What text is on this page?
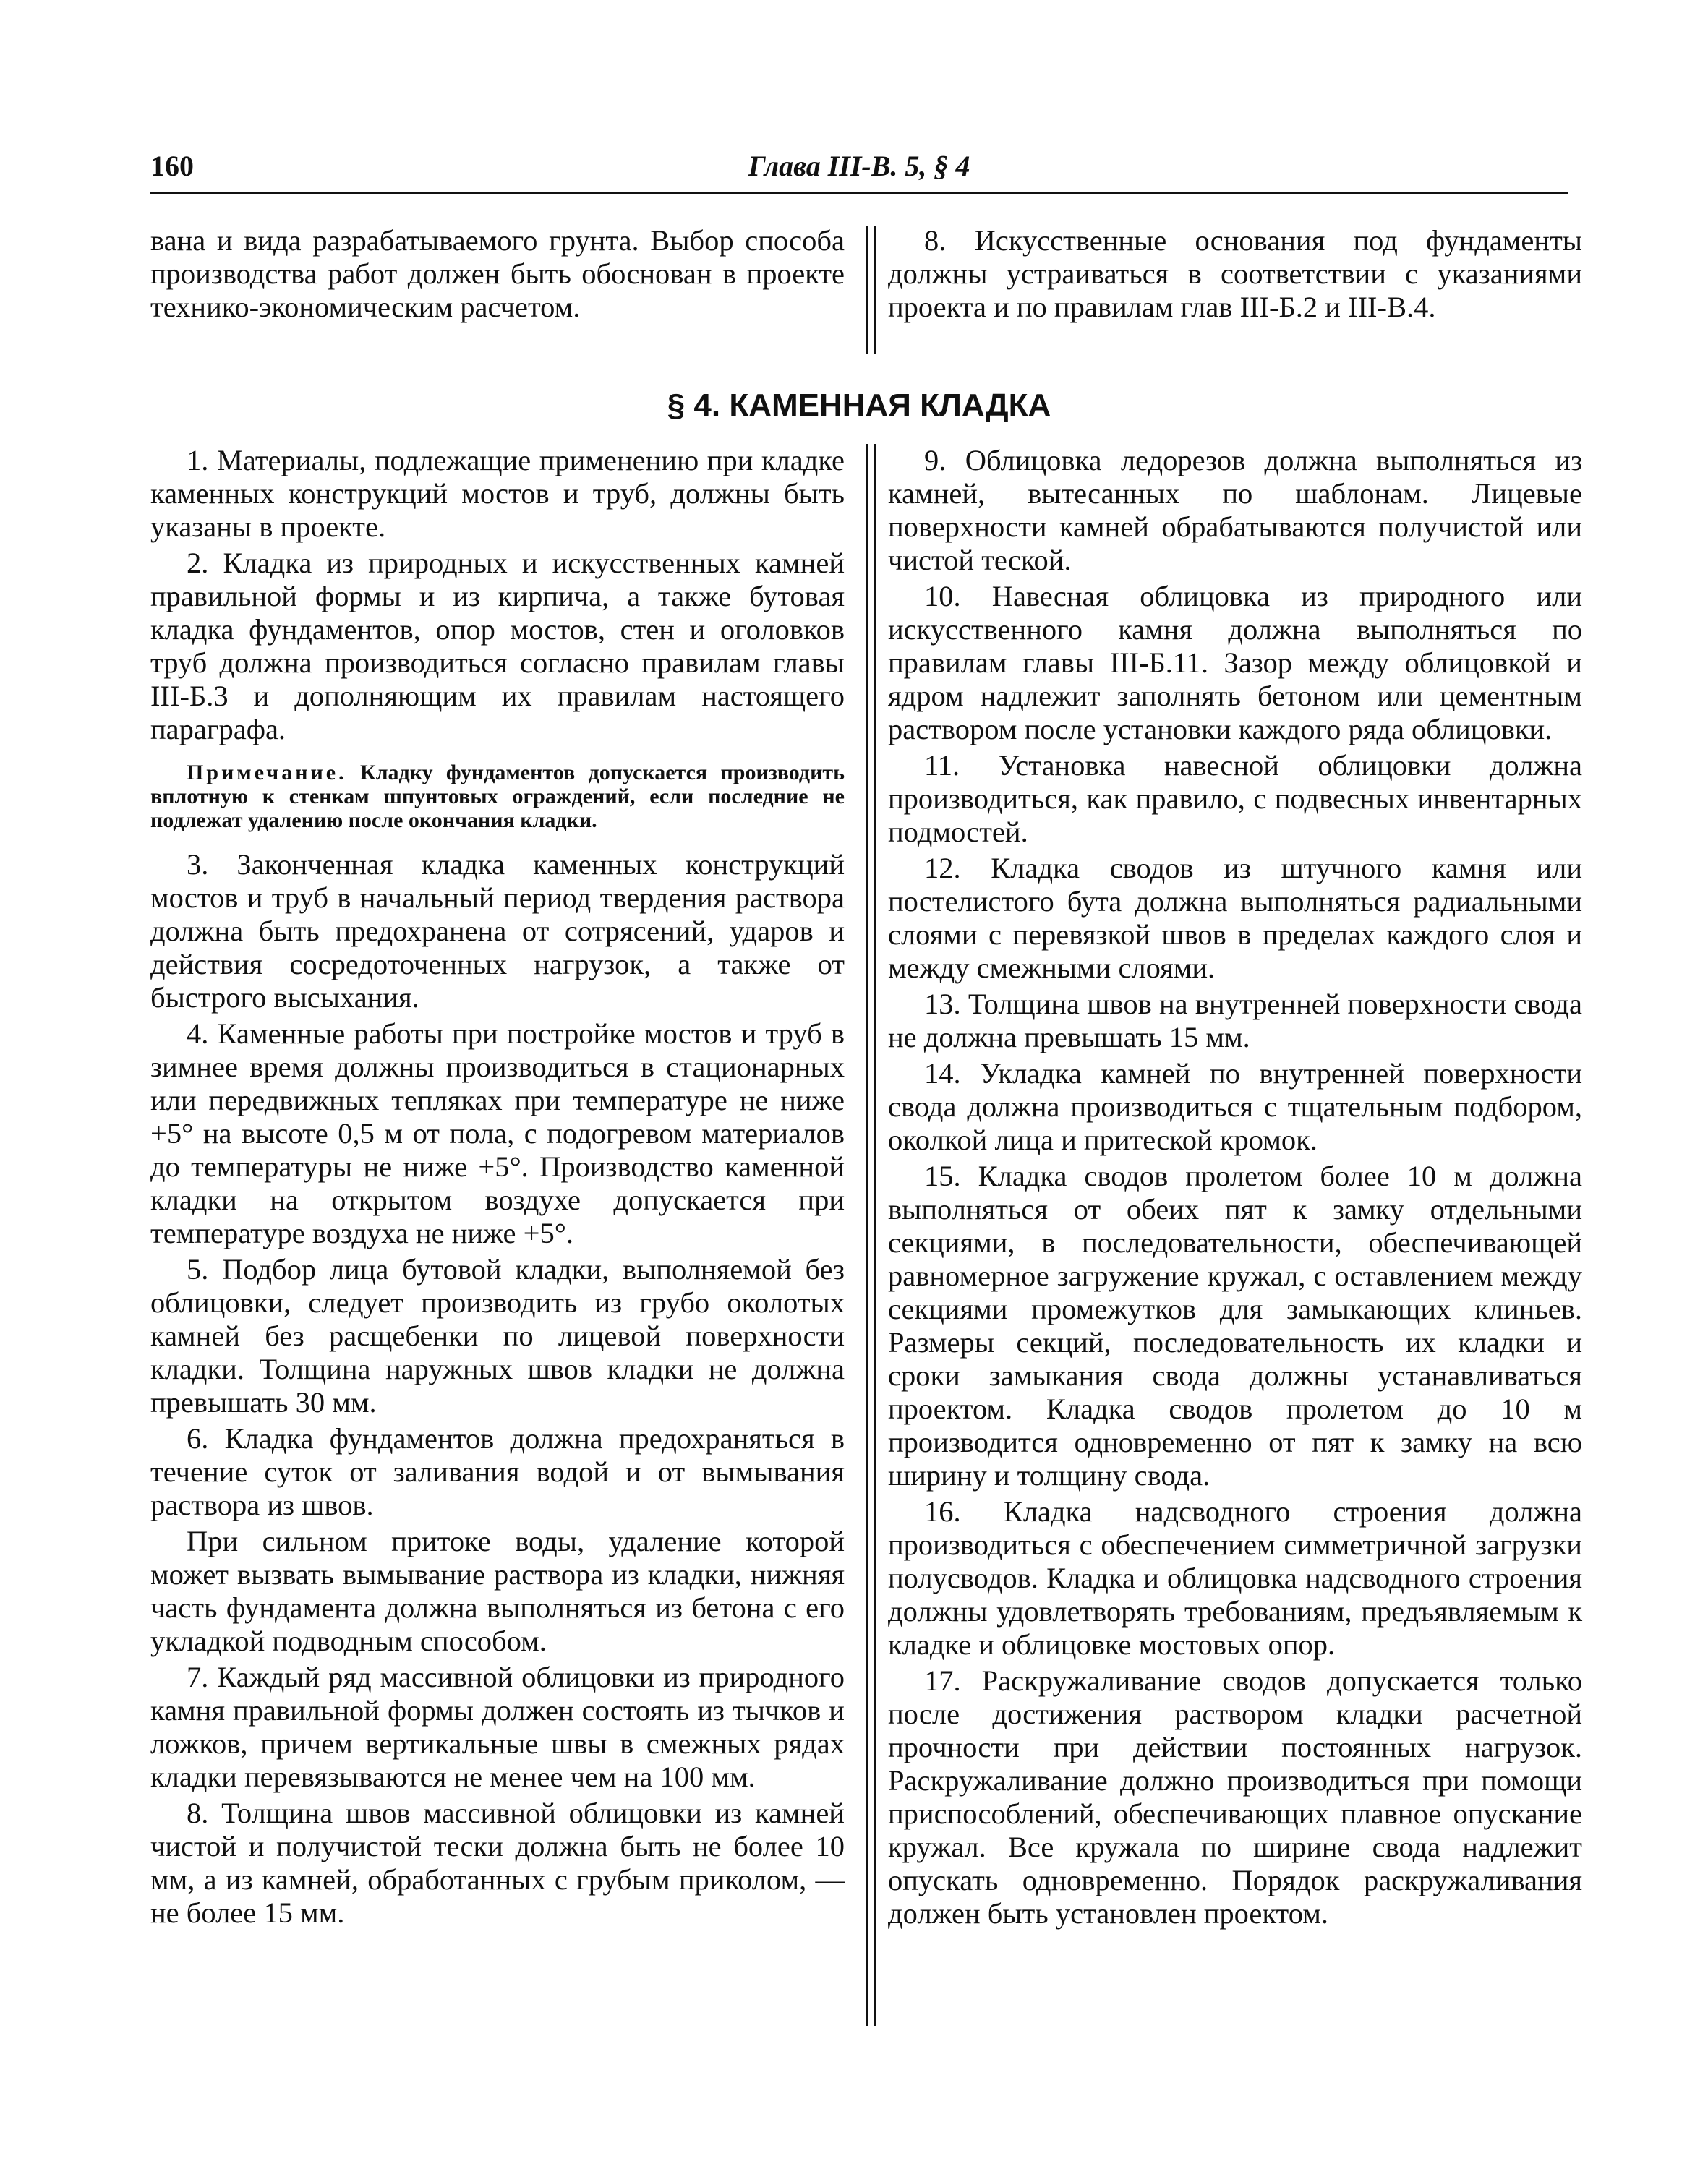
160	Глава III-В. 5, § 4

вана и вида разрабатываемого грунта. Выбор способа производства работ должен быть обоснован в проекте технико-экономическим расчетом.

8. Искусственные основания под фундаменты должны устраиваться в соответствии с указаниями проекта и по правилам глав III-Б.2 и III-В.4.

§ 4. КАМЕННАЯ КЛАДКА

1. Материалы, подлежащие применению при кладке каменных конструкций мостов и труб, должны быть указаны в проекте.

2. Кладка из природных и искусственных камней правильной формы и из кирпича, а также бутовая кладка фундаментов, опор мостов, стен и оголовков труб должна производиться согласно правилам главы III-Б.3 и дополняющим их правилам настоящего параграфа.

Примечание. Кладку фундаментов допускается производить вплотную к стенкам шпунтовых ограждений, если последние не подлежат удалению после окончания кладки.

3. Законченная кладка каменных конструкций мостов и труб в начальный период твердения раствора должна быть предохранена от сотрясений, ударов и действия сосредоточенных нагрузок, а также от быстрого высыхания.

4. Каменные работы при постройке мостов и труб в зимнее время должны производиться в стационарных или передвижных тепляках при температуре не ниже +5° на высоте 0,5 м от пола, с подогревом материалов до температуры не ниже +5°. Производство каменной кладки на открытом воздухе допускается при температуре воздуха не ниже +5°.

5. Подбор лица бутовой кладки, выполняемой без облицовки, следует производить из грубо околотых камней без расщебенки по лицевой поверхности кладки. Толщина наружных швов кладки не должна превышать 30 мм.

6. Кладка фундаментов должна предохраняться в течение суток от заливания водой и от вымывания раствора из швов.

При сильном притоке воды, удаление которой может вызвать вымывание раствора из кладки, нижняя часть фундамента должна выполняться из бетона с его укладкой подводным способом.

7. Каждый ряд массивной облицовки из природного камня правильной формы должен состоять из тычков и ложков, причем вертикальные швы в смежных рядах кладки перевязываются не менее чем на 100 мм.

8. Толщина швов массивной облицовки из камней чистой и получистой тески должна быть не более 10 мм, а из камней, обработанных с грубым приколом, — не более 15 мм.

9. Облицовка ледорезов должна выполняться из камней, вытесанных по шаблонам. Лицевые поверхности камней обрабатываются получистой или чистой теской.

10. Навесная облицовка из природного или искусственного камня должна выполняться по правилам главы III-Б.11. Зазор между облицовкой и ядром надлежит заполнять бетоном или цементным раствором после установки каждого ряда облицовки.

11. Установка навесной облицовки должна производиться, как правило, с подвесных инвентарных подмостей.

12. Кладка сводов из штучного камня или постелистого бута должна выполняться радиальными слоями с перевязкой швов в пределах каждого слоя и между смежными слоями.

13. Толщина швов на внутренней поверхности свода не должна превышать 15 мм.

14. Укладка камней по внутренней поверхности свода должна производиться с тщательным подбором, околкой лица и притеской кромок.

15. Кладка сводов пролетом более 10 м должна выполняться от обеих пят к замку отдельными секциями, в последовательности, обеспечивающей равномерное загружение кружал, с оставлением между секциями промежутков для замыкающих клиньев. Размеры секций, последовательность их кладки и сроки замыкания свода должны устанавливаться проектом. Кладка сводов пролетом до 10 м производится одновременно от пят к замку на всю ширину и толщину свода.

16. Кладка надсводного строения должна производиться с обеспечением симметричной загрузки полусводов. Кладка и облицовка надсводного строения должны удовлетворять требованиям, предъявляемым к кладке и облицовке мостовых опор.

17. Раскружаливание сводов допускается только после достижения раствором кладки расчетной прочности при действии постоянных нагрузок. Раскружаливание должно производиться при помощи приспособлений, обеспечивающих плавное опускание кружал. Все кружала по ширине свода надлежит опускать одновременно. Порядок раскружаливания должен быть установлен проектом.
